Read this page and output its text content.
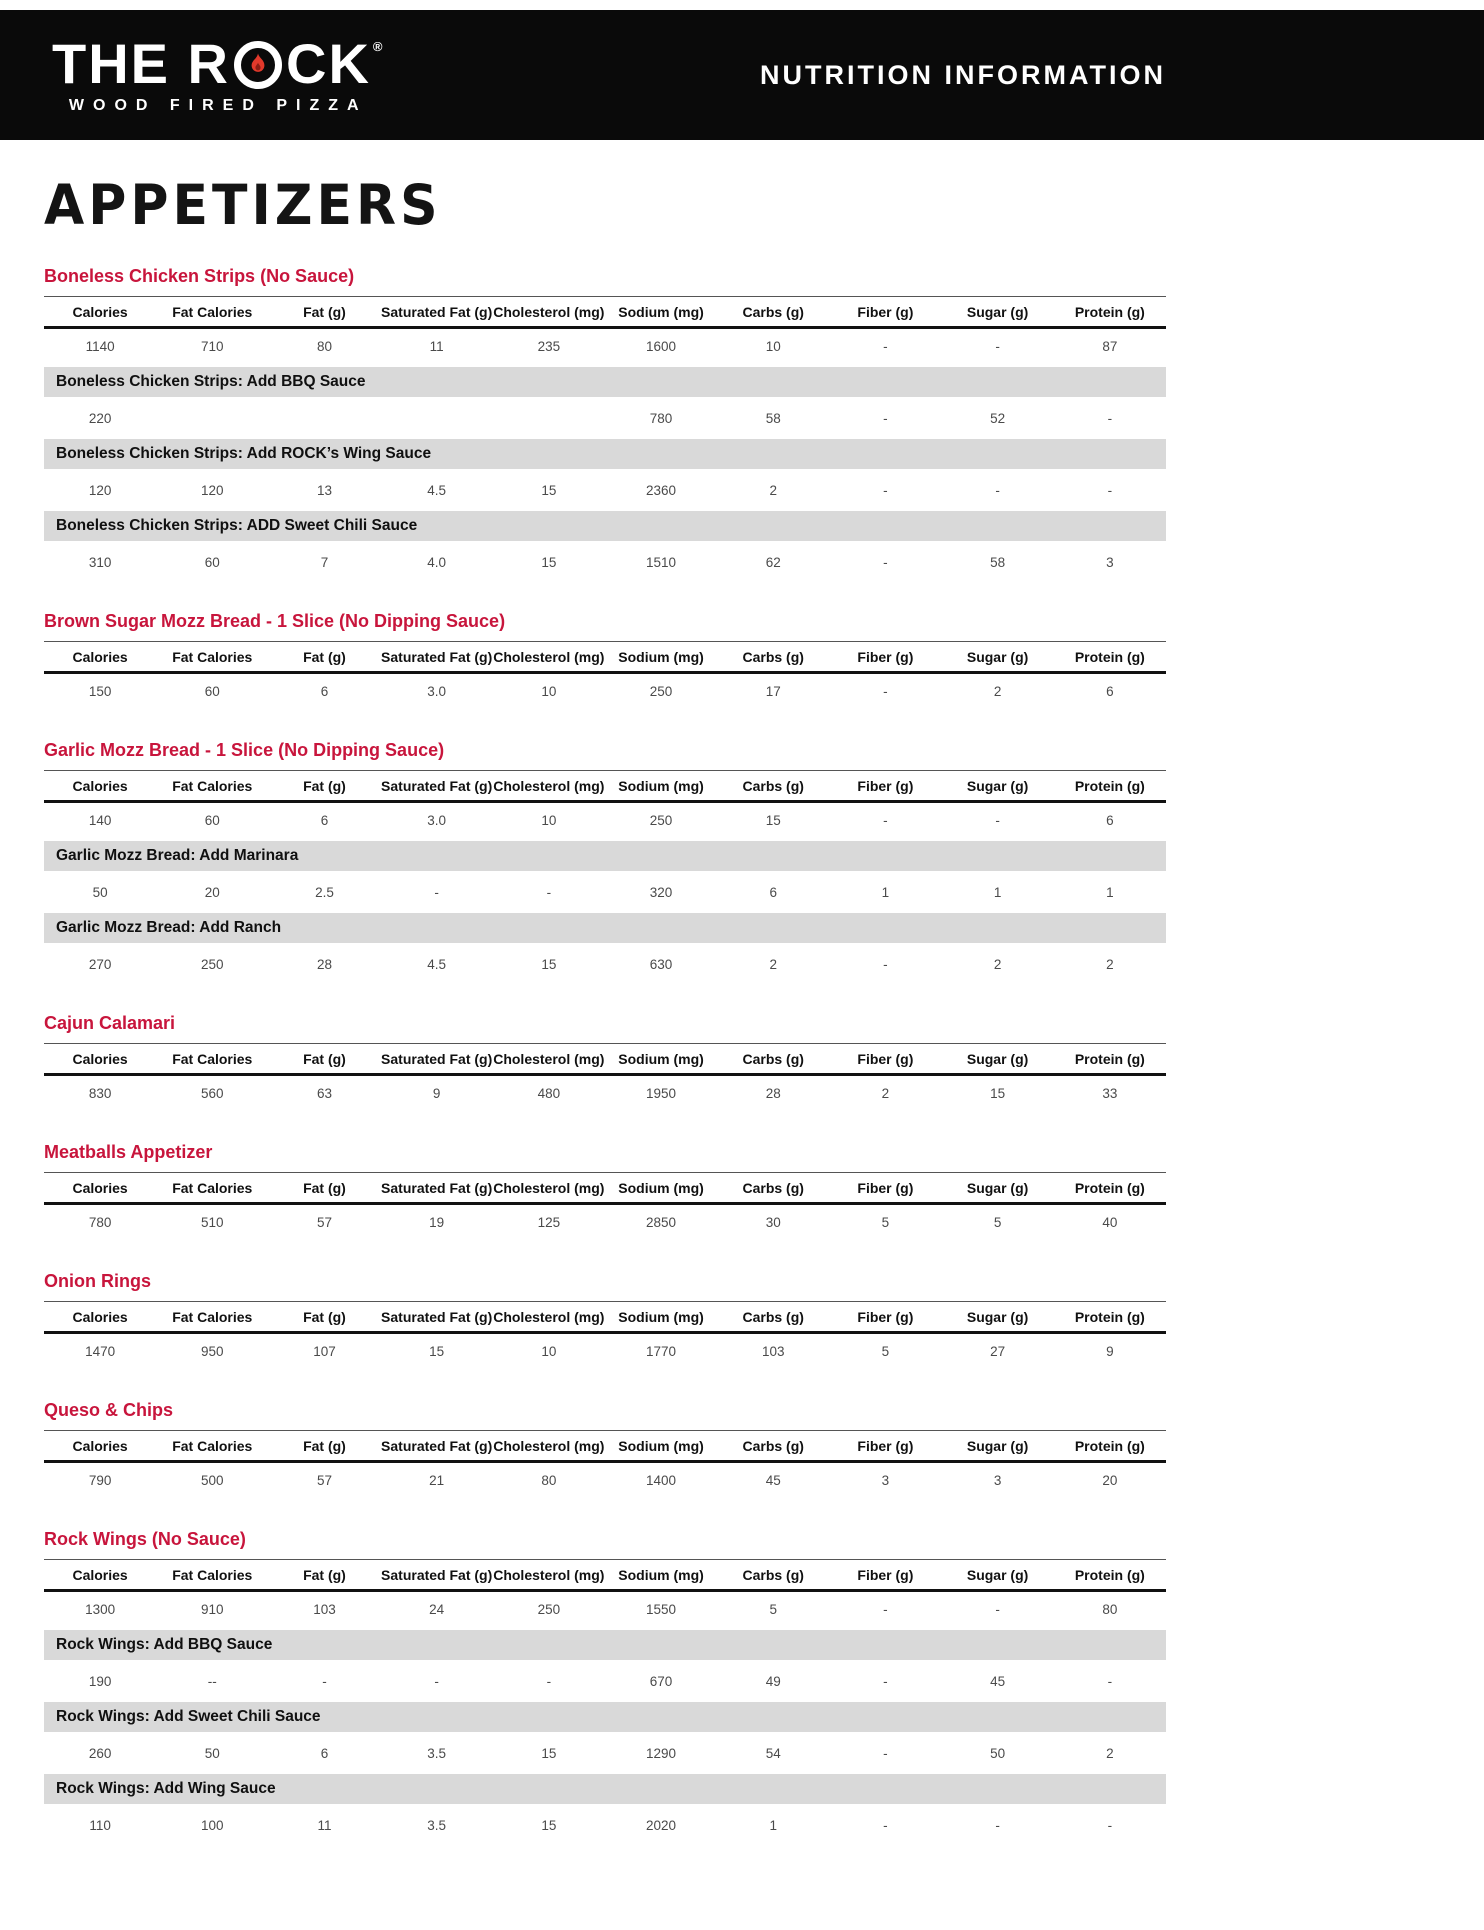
THE R CK ®
WOOD FIRED PIZZA
NUTRITION INFORMATION
APPETIZERS
Boneless Chicken Strips (No Sauce)
Calories	Fat Calories	Fat (g)	Saturated Fat (g)	Cholesterol (mg)	Sodium (mg)	Carbs (g)	Fiber (g)	Sugar (g)	Protein (g)
1140	710	80	11	235	1600	10	-	-	87
Boneless Chicken Strips: Add BBQ Sauce									
220					780	58	-	52	-
Boneless Chicken Strips: Add ROCK’s Wing Sauce									
120	120	13	4.5	15	2360	2	-	-	-
Boneless Chicken Strips: ADD Sweet Chili Sauce									
310	60	7	4.0	15	1510	62	-	58	3
Brown Sugar Mozz Bread - 1 Slice (No Dipping Sauce)
Calories	Fat Calories	Fat (g)	Saturated Fat (g)	Cholesterol (mg)	Sodium (mg)	Carbs (g)	Fiber (g)	Sugar (g)	Protein (g)
150	60	6	3.0	10	250	17	-	2	6
Garlic Mozz Bread - 1 Slice (No Dipping Sauce)
Calories	Fat Calories	Fat (g)	Saturated Fat (g)	Cholesterol (mg)	Sodium (mg)	Carbs (g)	Fiber (g)	Sugar (g)	Protein (g)
140	60	6	3.0	10	250	15	-	-	6
Garlic Mozz Bread: Add Marinara									
50	20	2.5	-	-	320	6	1	1	1
Garlic Mozz Bread: Add Ranch									
270	250	28	4.5	15	630	2	-	2	2
Cajun Calamari
Calories	Fat Calories	Fat (g)	Saturated Fat (g)	Cholesterol (mg)	Sodium (mg)	Carbs (g)	Fiber (g)	Sugar (g)	Protein (g)
830	560	63	9	480	1950	28	2	15	33
Meatballs Appetizer
Calories	Fat Calories	Fat (g)	Saturated Fat (g)	Cholesterol (mg)	Sodium (mg)	Carbs (g)	Fiber (g)	Sugar (g)	Protein (g)
780	510	57	19	125	2850	30	5	5	40
Onion Rings
Calories	Fat Calories	Fat (g)	Saturated Fat (g)	Cholesterol (mg)	Sodium (mg)	Carbs (g)	Fiber (g)	Sugar (g)	Protein (g)
1470	950	107	15	10	1770	103	5	27	9
Queso & Chips
Calories	Fat Calories	Fat (g)	Saturated Fat (g)	Cholesterol (mg)	Sodium (mg)	Carbs (g)	Fiber (g)	Sugar (g)	Protein (g)
790	500	57	21	80	1400	45	3	3	20
Rock Wings (No Sauce)
Calories	Fat Calories	Fat (g)	Saturated Fat (g)	Cholesterol (mg)	Sodium (mg)	Carbs (g)	Fiber (g)	Sugar (g)	Protein (g)
1300	910	103	24	250	1550	5	-	-	80
Rock Wings: Add BBQ Sauce									
190	--	-	-	-	670	49	-	45	-
Rock Wings: Add Sweet Chili Sauce									
260	50	6	3.5	15	1290	54	-	50	2
Rock Wings: Add Wing Sauce									
110	100	11	3.5	15	2020	1	-	-	-
